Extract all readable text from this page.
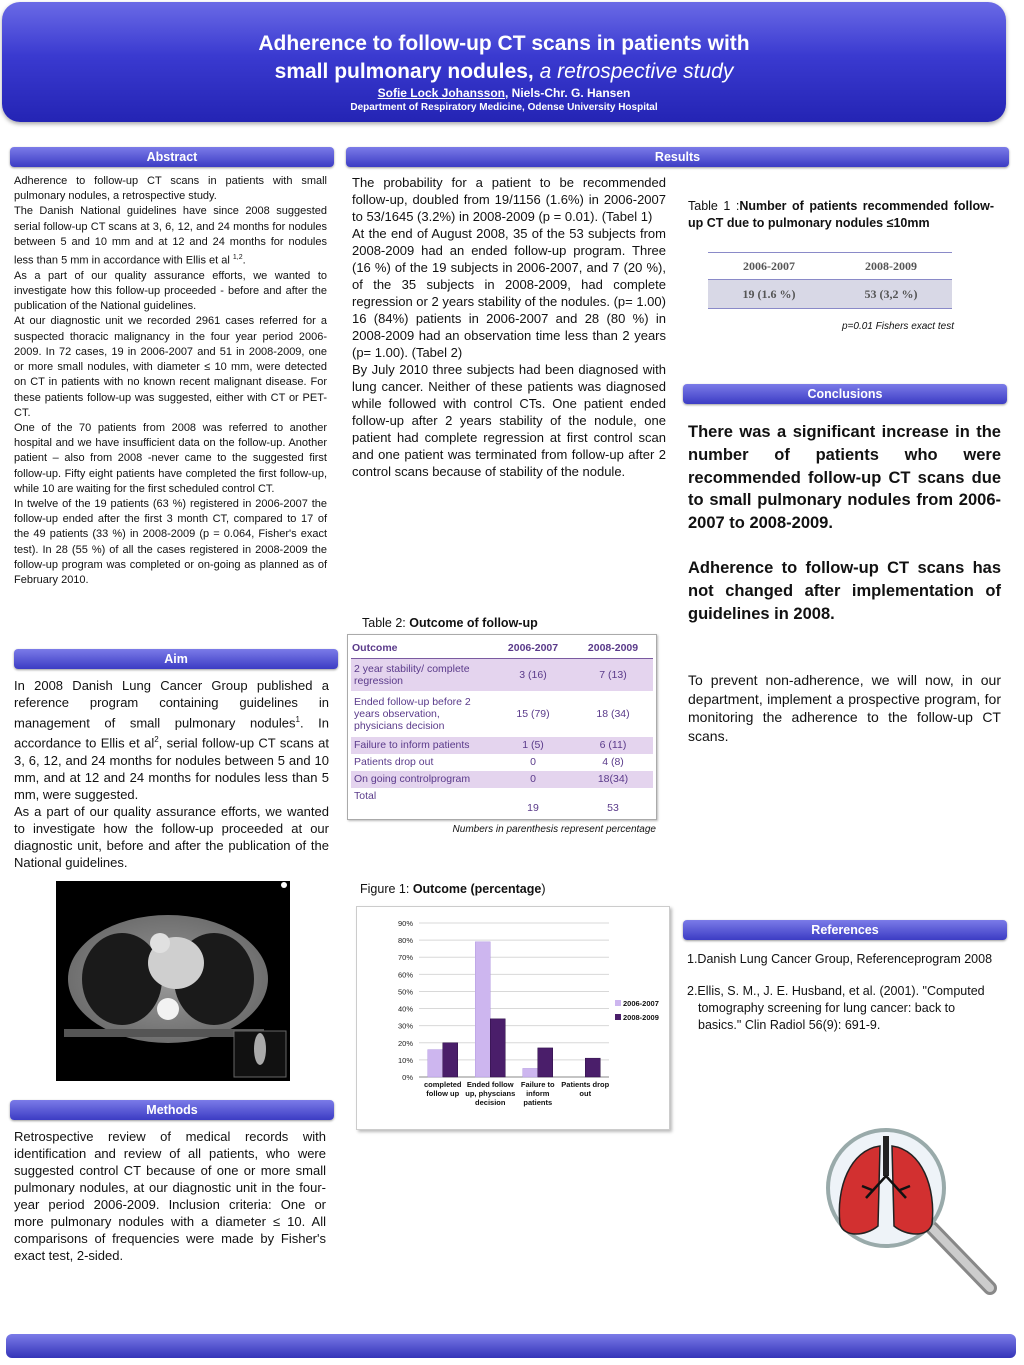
Adherence to follow-up CT scans in patients with
small pulmonary nodules, a retrospective study
Sofie Lock Johansson, Niels-Chr. G. Hansen
Department of Respiratory Medicine, Odense University Hospital
Abstract

Adherence to follow-up CT scans in patients with small pulmonary nodules, a retrospective study.

The Danish National guidelines have since 2008 suggested serial follow-up CT scans at 3, 6, 12, and 24 months for nodules between 5 and 10 mm and at 12 and 24 months for nodules less than 5 mm in accordance with Ellis et al $^{1,2}$.

As a part of our quality assurance efforts, we wanted to investigate how this follow-up proceeded - before and after the publication of the National guidelines.

At our diagnostic unit we recorded 2961 cases referred for a suspected thoracic malignancy in the four year period 2006-2009. In 72 cases, 19 in 2006-2007 and 51 in 2008-2009, one or more small nodules, with diameter ≤ 10 mm, were detected on CT in patients with no known recent malignant disease. For these patients follow-up was suggested, either with CT or PET-CT.

One of the 70 patients from 2008 was referred to another hospital and we have insufficient data on the follow-up. Another patient – also from 2008 -never came to the suggested first follow-up. Fifty eight patients have completed the first follow-up, while 10 are waiting for the first scheduled control CT.

In twelve of the 19 patients (63 %) registered in 2006-2007 the follow-up ended after the first 3 month CT, compared to 17 of the 49 patients (33 %) in 2008-2009 (p = 0.064, Fisher's exact test). In 28 (55 %) of all the cases registered in 2008-2009 the follow-up program was completed or on-going as planned as of February 2010.

Aim

In 2008 Danish Lung Cancer Group published a reference program containing guidelines in management of small pulmonary nodules$^1$. In accordance to Ellis et $al^2$, serial follow-up CT scans at 3, 6, 12, and 24 months for nodules between 5 and 10 mm, and at 12 and 24 months for nodules less than 5 mm, were suggested.

As a part of our quality assurance efforts, we wanted to investigate how the follow-up proceeded at our diagnostic unit, before and after the publication of the National guidelines.

Methods

Retrospective review of medical records with identification and review of all patients, who were suggested control CT because of one or more small pulmonary nodules, at our diagnostic unit in the four-year period 2006-2009. Inclusion criteria: One or more pulmonary nodules with a diameter ≤ 10. All comparisons of frequencies were made by Fisher's exact test, 2-sided.

Results

The probability for a patient to be recommended follow-up, doubled from 19/1156 (1.6%) in 2006-2007 to 53/1645 (3.2%) in 2008-2009 (p = 0.01). (Tabel 1)

At the end of August 2008, 35 of the 53 subjects from 2008-2009 had an ended follow-up program. Three (16 %) of the 19 subjects in 2006-2007, and 7 (20 %), of the 35 subjects in 2008-2009, had complete regression or 2 years stability of the nodules. (p= 1.00)

16 (84%) patients in 2006-2007 and 28 (80 %) in 2008-2009 had an observation time less than 2 years (p= 1.00). (Tabel 2)

By July 2010 three subjects had been diagnosed with lung cancer. Neither of these patients was diagnosed while followed with control CTs. One patient ended follow-up after 2 years stability of the nodule, one patient had complete regression at first control scan and one patient was terminated from follow-up after 2 control scans because of stability of the nodule.

Table 1 :Number of patients recommended follow-up CT due to pulmonary nodules ≤10mm
2006-2007	2008-2009
19 (1.6 %)	53 (3,2 %)
p=0.01 Fishers exact test
Table 2: Outcome of follow-up
Outcome	2006-2007	2008-2009
2 year stability/ complete regression	3 (16)	7 (13)
Ended follow-up before 2 years observation, physicians decision	15 (79)	18 (34)
Failure to inform patients	1 (5)	6 (11)
Patients drop out	0	4 (8)
On going controlprogram	0	18(34)
Total	19	53
Numbers in parenthesis represent percentage
Figure 1: Outcome (percentage)
0%
10%
20%
30%
40%
50%
60%
70%
80%
90%
completed follow up
Ended follow up, physcians decision
Failure to inform patients
Patients drop out
2006-2007
2008-2009
Conclusions

There was a significant increase in the number of patients who were recommended follow-up CT scans due to small pulmonary nodules from 2006-2007 to 2008-2009.

Adherence to follow-up CT scans has not changed after implementation of guidelines in 2008.

To prevent non-adherence, we will now, in our department, implement a prospective program, for monitoring the adherence to the follow-up CT scans.
References
1.Danish Lung Cancer Group, Referenceprogram 2008
2.Ellis, S. M., J. E. Husband, et al. (2001). "Computed tomography screening for lung cancer: back to basics." Clin Radiol 56(9): 691-9.
